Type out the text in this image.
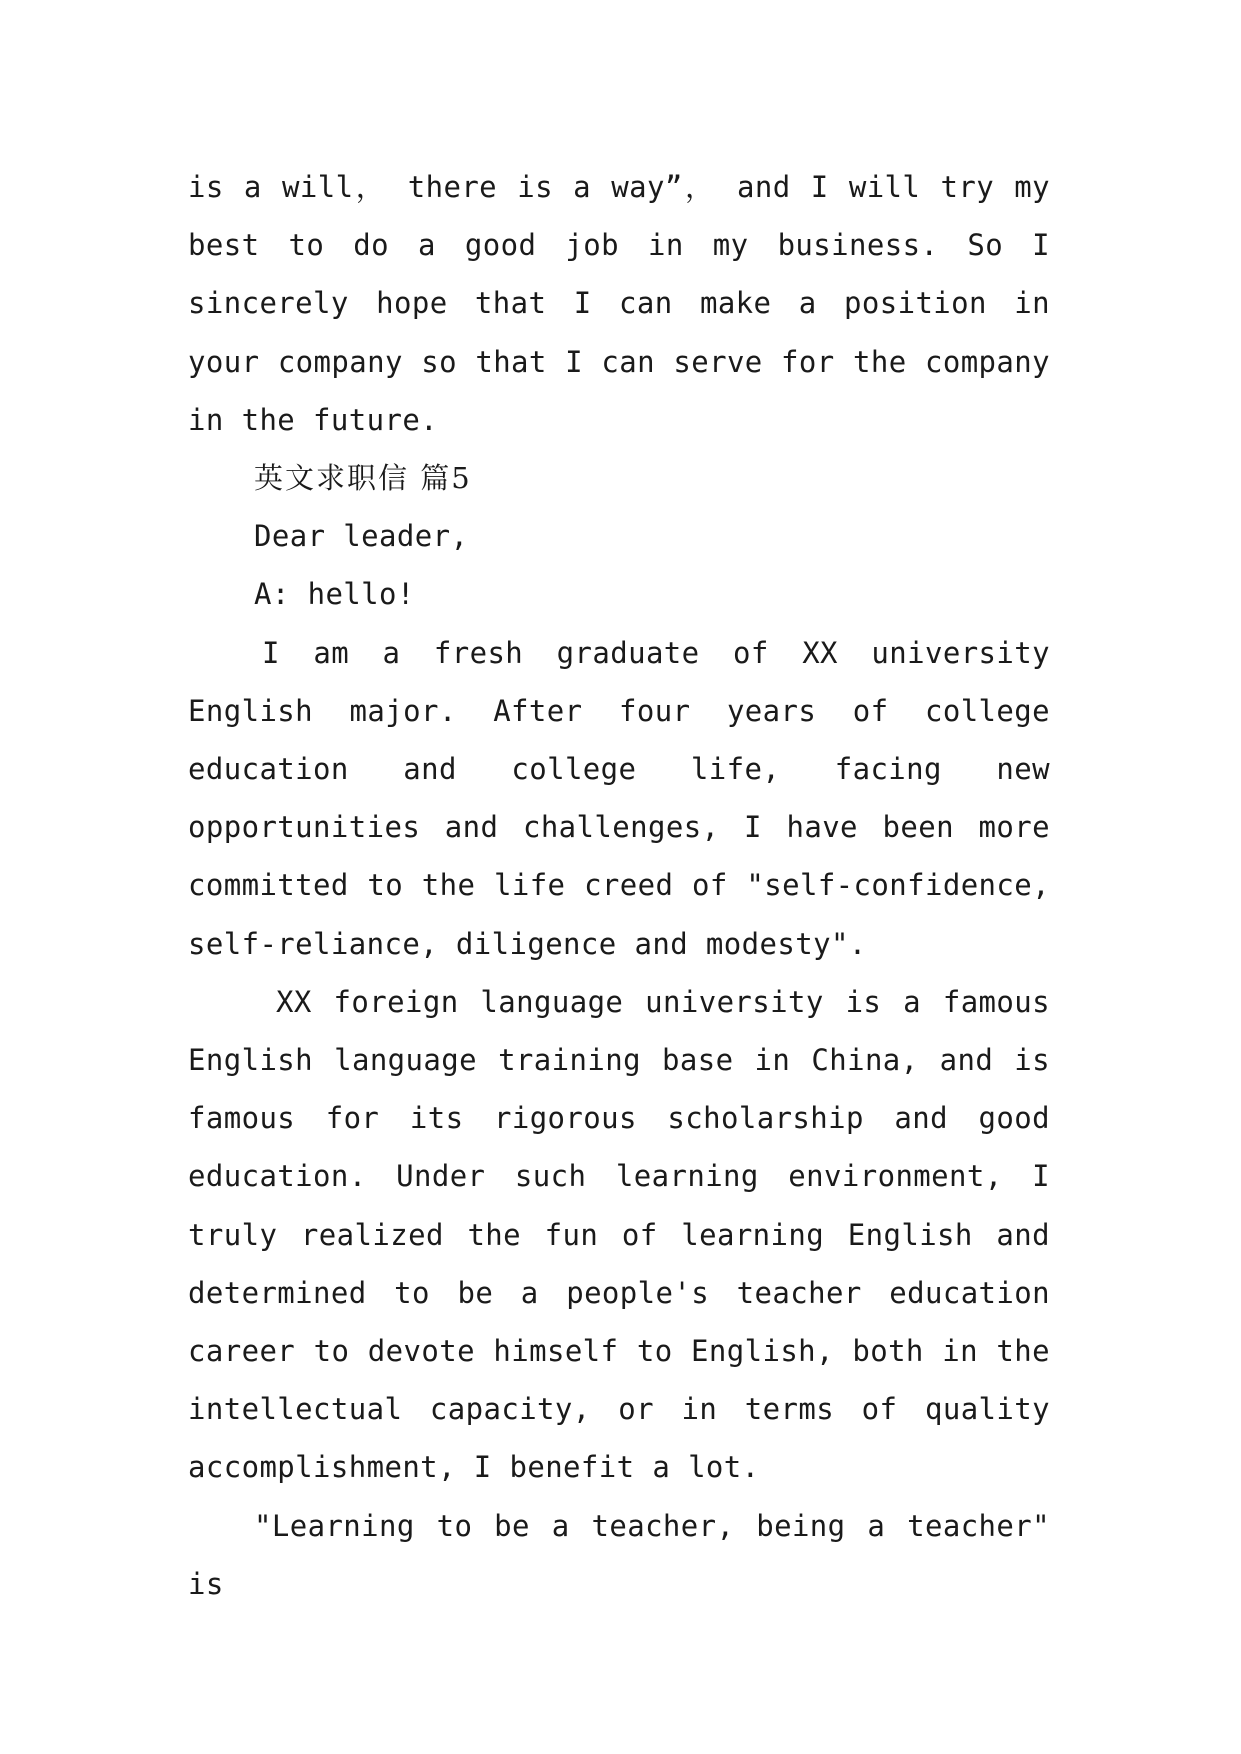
is a will， there is a way”， and I will try my best to do a good job in my business. So I sincerely hope that I can make a position in your company so that I can serve for the company in the future.

英文求职信 篇5

Dear leader,

A: hello!

I am a fresh graduate of XX university English major. After four years of college education and college life, facing new opportunities and challenges, I have been more committed to the life creed of "self-confidence, self-reliance, diligence and modesty".

XX foreign language university is a famous English language training base in China, and is famous for its rigorous scholarship and good education. Under such learning environment, I truly realized the fun of learning English and determined to be a people's teacher education career to devote himself to English, both in the intellectual capacity, or in terms of quality accomplishment, I benefit a lot.

"Learning to be a teacher, being a teacher" is
